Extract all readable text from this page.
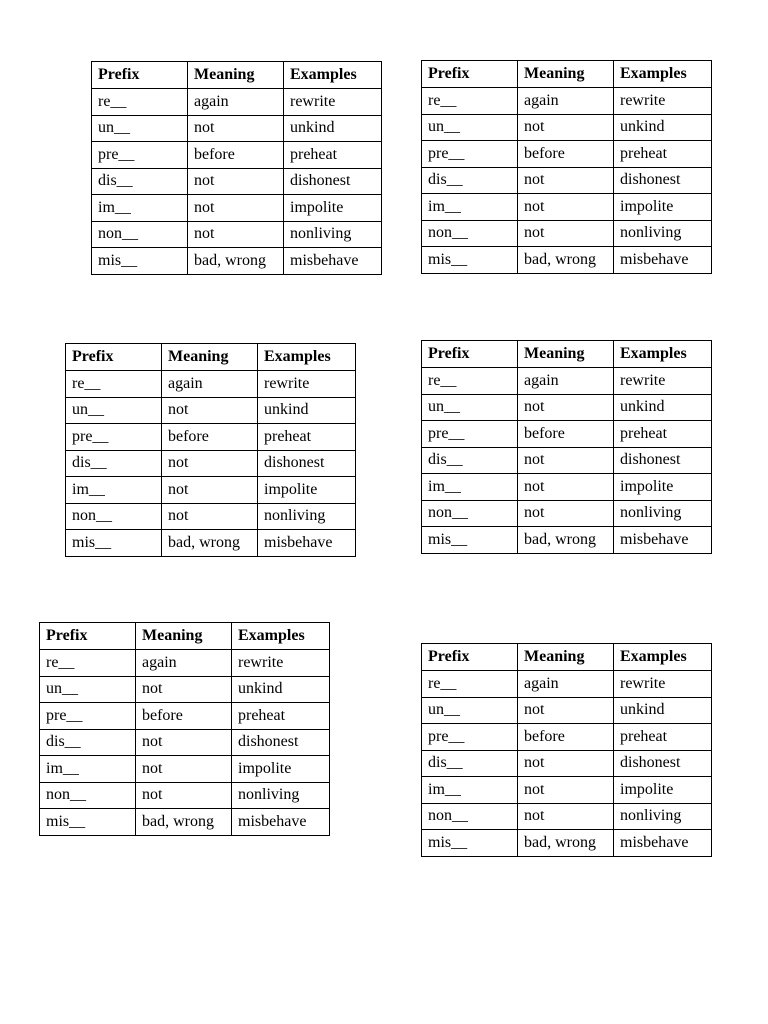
Prefix	Meaning	Examples
re__	again	rewrite
un__	not	unkind
pre__	before	preheat
dis__	not	dishonest
im__	not	impolite
non__	not	nonliving
mis__	bad, wrong	misbehave
Prefix	Meaning	Examples
re__	again	rewrite
un__	not	unkind
pre__	before	preheat
dis__	not	dishonest
im__	not	impolite
non__	not	nonliving
mis__	bad, wrong	misbehave
Prefix	Meaning	Examples
re__	again	rewrite
un__	not	unkind
pre__	before	preheat
dis__	not	dishonest
im__	not	impolite
non__	not	nonliving
mis__	bad, wrong	misbehave
Prefix	Meaning	Examples
re__	again	rewrite
un__	not	unkind
pre__	before	preheat
dis__	not	dishonest
im__	not	impolite
non__	not	nonliving
mis__	bad, wrong	misbehave
Prefix	Meaning	Examples
re__	again	rewrite
un__	not	unkind
pre__	before	preheat
dis__	not	dishonest
im__	not	impolite
non__	not	nonliving
mis__	bad, wrong	misbehave
Prefix	Meaning	Examples
re__	again	rewrite
un__	not	unkind
pre__	before	preheat
dis__	not	dishonest
im__	not	impolite
non__	not	nonliving
mis__	bad, wrong	misbehave
